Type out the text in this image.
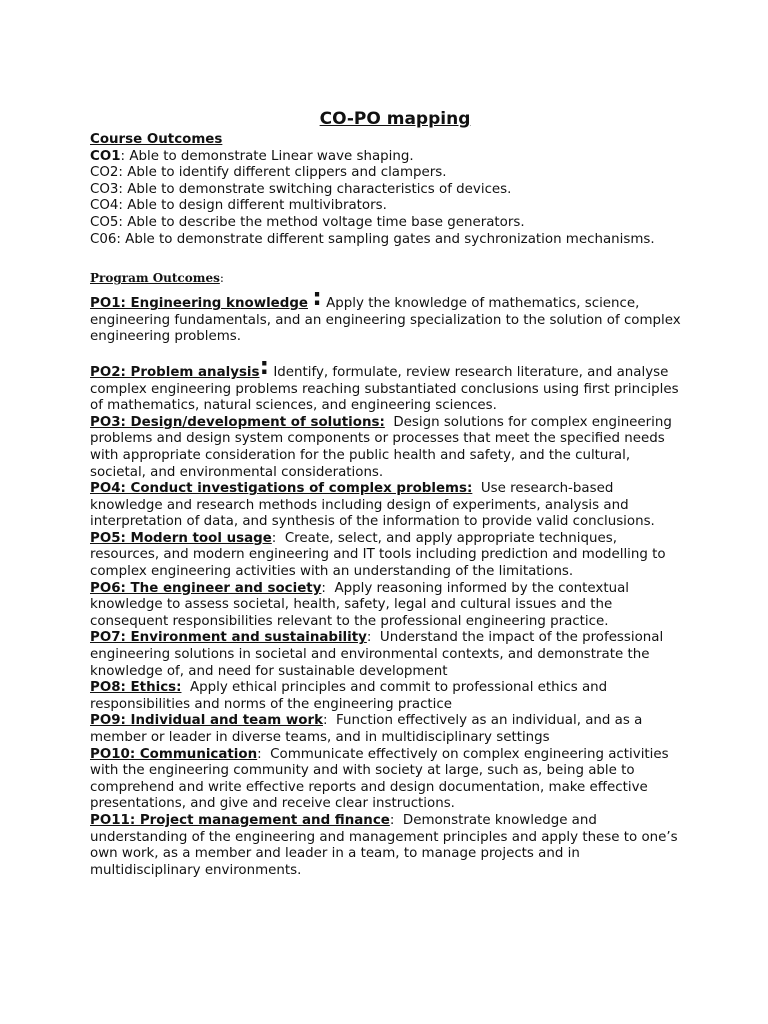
CO-PO mapping
Course Outcomes
CO1: Able to demonstrate Linear wave shaping.
CO2: Able to identify different clippers and clampers.
CO3: Able to demonstrate switching characteristics of devices.
CO4: Able to design different multivibrators.
CO5: Able to describe the method voltage time base generators.
C06: Able to demonstrate different sampling gates and sychronization mechanisms.
Program Outcomes:

PO1: Engineering knowledge : Apply the knowledge of mathematics, science, engineering fundamentals, and an engineering specialization to the solution of complex engineering problems.

PO2: Problem analysis: Identify, formulate, review research literature, and analyse complex engineering problems reaching substantiated conclusions using first principles of mathematics, natural sciences, and engineering sciences.

PO3: Design/development of solutions: Design solutions for complex engineering problems and design system components or processes that meet the specified needs with appropriate consideration for the public health and safety, and the cultural, societal, and environmental considerations.

PO4: Conduct investigations of complex problems: Use research-based knowledge and research methods including design of experiments, analysis and interpretation of data, and synthesis of the information to provide valid conclusions.

PO5: Modern tool usage: Create, select, and apply appropriate techniques, resources, and modern engineering and IT tools including prediction and modelling to complex engineering activities with an understanding of the limitations.

PO6: The engineer and society: Apply reasoning informed by the contextual knowledge to assess societal, health, safety, legal and cultural issues and the consequent responsibilities relevant to the professional engineering practice.

PO7: Environment and sustainability: Understand the impact of the professional engineering solutions in societal and environmental contexts, and demonstrate the knowledge of, and need for sustainable development

PO8: Ethics: Apply ethical principles and commit to professional ethics and responsibilities and norms of the engineering practice

PO9: Individual and team work: Function effectively as an individual, and as a member or leader in diverse teams, and in multidisciplinary settings

PO10: Communication: Communicate effectively on complex engineering activities with the engineering community and with society at large, such as, being able to comprehend and write effective reports and design documentation, make effective presentations, and give and receive clear instructions.

PO11: Project management and finance: Demonstrate knowledge and understanding of the engineering and management principles and apply these to one’s own work, as a member and leader in a team, to manage projects and in multidisciplinary environments.
